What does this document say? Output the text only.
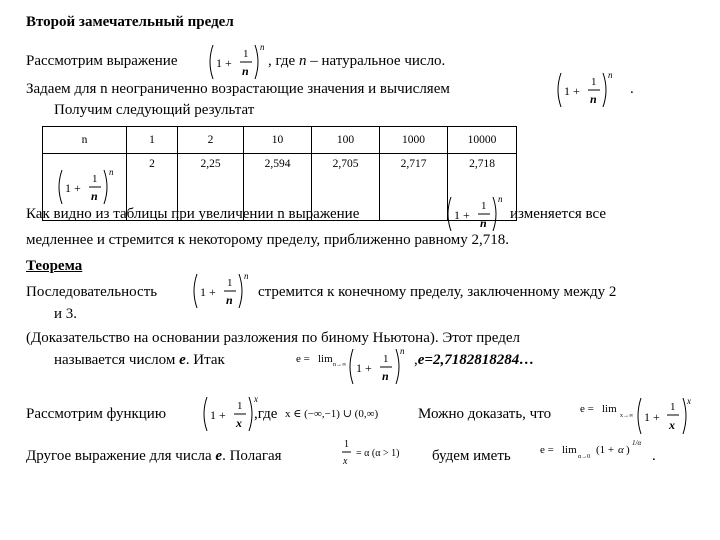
Второй замечательный предел
Рассмотрим выражение	1 +
1
n
n
, где n – натуральное число.
Задаем для n неограниченно возрастающие значения и вычисляем	1 +
1
n
n
.
Получим следующий результат
n	1	2	10	100	1000	10000

1 +
1
n
n	2	2,25	2,594	2,705	2,717	2,718
Как видно из таблицы при увеличении n выражение	1 +
1
n
n
изменяется все
медленнее и стремится к некоторому пределу, приближенно равному 2,718.
Теорема
Последовательность	1 +
1
n
n
стремится к конечному пределу, заключенному между 2
и 3.
(Доказательство на основании разложения по биному Ньютона). Этот предел
называется числом е. Итак	e = lim n→∞ 1 +
1
n
n
,е=2,7182818284…
Рассмотрим функцию	1 +
1
x
x
,где x ∈ (−∞,−1) ∪ (0,∞)	Можно доказать, что	e = lim
x→∞ 1 +
1
x
x
Другое выражение для числа е. Полагая
1
x
= α (α > 1) будем иметь	e = lim
α→0
(1 + α )
1/α
.
